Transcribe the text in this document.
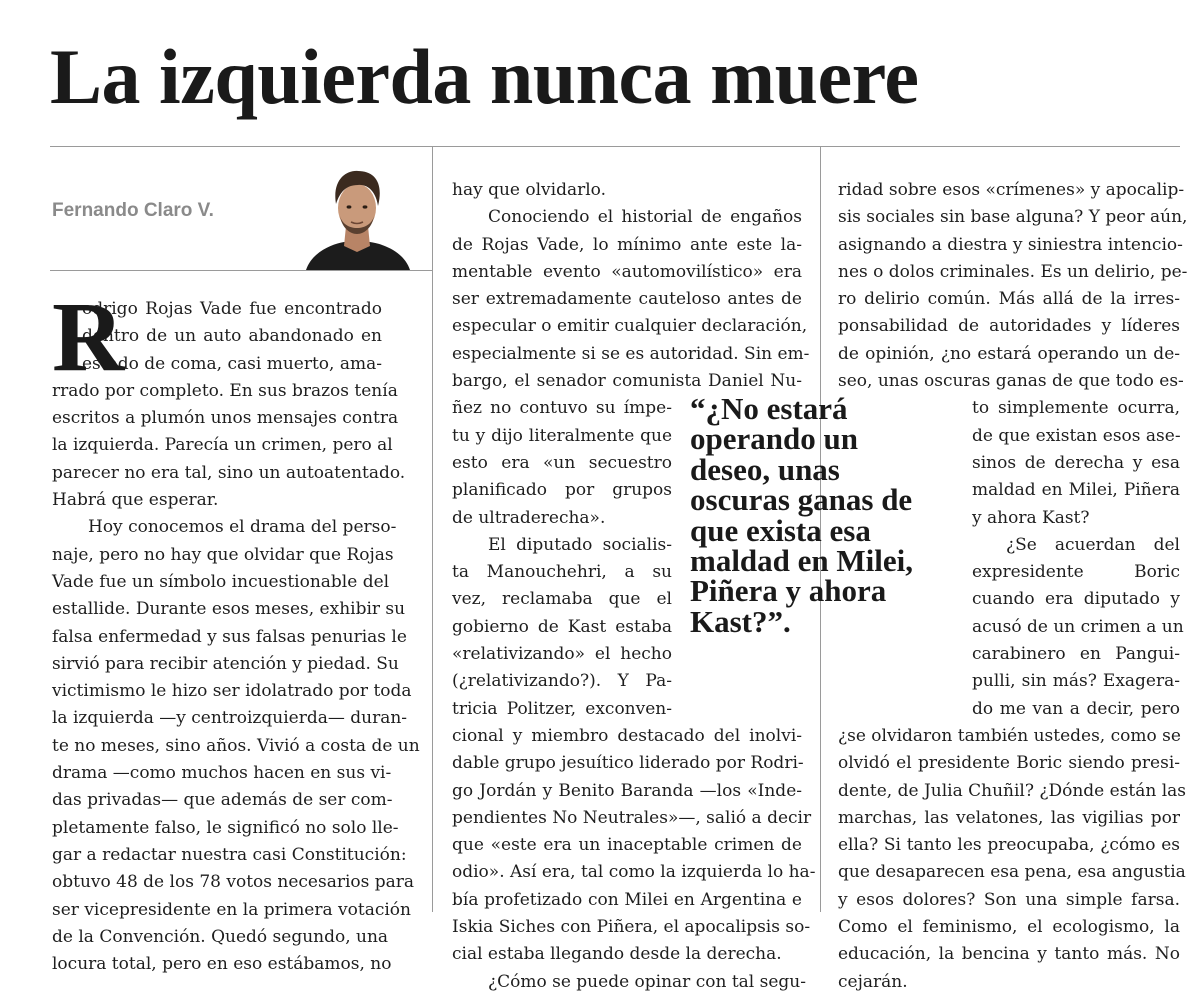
La izquierda nunca muere
Fernando Claro V.
R
odrigo Rojas Vade fue encontrado
dentro de un auto abandonado en
estado de coma, casi muerto, ama-
rrado por completo. En sus brazos tenía
escritos a plumón unos mensajes contra
la izquierda. Parecía un crimen, pero al
parecer no era tal, sino un autoatentado.
Habrá que esperar.
Hoy conocemos el drama del perso-
naje, pero no hay que olvidar que Rojas
Vade fue un símbolo incuestionable del
estallide. Durante esos meses, exhibir su
falsa enfermedad y sus falsas penurias le
sirvió para recibir atención y piedad. Su
victimismo le hizo ser idolatrado por toda
la izquierda —y centroizquierda— duran-
te no meses, sino años. Vivió a costa de un
drama —como muchos hacen en sus vi-
das privadas— que además de ser com-
pletamente falso, le significó no solo lle-
gar a redactar nuestra casi Constitución:
obtuvo 48 de los 78 votos necesarios para
ser vicepresidente en la primera votación
de la Convención. Quedó segundo, una
locura total, pero en eso estábamos, no
hay que olvidarlo.
Conociendo el historial de engaños
de Rojas Vade, lo mínimo ante este la-
mentable evento «automovilístico» era
ser extremadamente cauteloso antes de
especular o emitir cualquier declaración,
especialmente si se es autoridad. Sin em-
bargo, el senador comunista Daniel Nu-
ñez no contuvo su ímpe-
tu y dijo literalmente que
esto era «un secuestro
planificado por grupos
de ultraderecha».
El diputado socialis-
ta Manouchehri, a su
vez, reclamaba que el
gobierno de Kast estaba
«relativizando» el hecho
(¿relativizando?). Y Pa-
tricia Politzer, exconven-
cional y miembro destacado del inolvi-
dable grupo jesuítico liderado por Rodri-
go Jordán y Benito Baranda —los «Inde-
pendientes No Neutrales»—, salió a decir
que «este era un inaceptable crimen de
odio». Así era, tal como la izquierda lo ha-
bía profetizado con Milei en Argentina e
Iskia Siches con Piñera, el apocalipsis so-
cial estaba llegando desde la derecha.
¿Cómo se puede opinar con tal segu-
ridad sobre esos «crímenes» y apocalip-
sis sociales sin base alguna? Y peor aún,
asignando a diestra y siniestra intencio-
nes o dolos criminales. Es un delirio, pe-
ro delirio común. Más allá de la irres-
ponsabilidad de autoridades y líderes
de opinión, ¿no estará operando un de-
seo, unas oscuras ganas de que todo es-
to simplemente ocurra,
de que existan esos ase-
sinos de derecha y esa
maldad en Milei, Piñera
y ahora Kast?
¿Se acuerdan del
expresidente Boric
cuando era diputado y
acusó de un crimen a un
carabinero en Pangui-
pulli, sin más? Exagera-
do me van a decir, pero
¿se olvidaron también ustedes, como se
olvidó el presidente Boric siendo presi-
dente, de Julia Chuñil? ¿Dónde están las
marchas, las velatones, las vigilias por
ella? Si tanto les preocupaba, ¿cómo es
que desaparecen esa pena, esa angustia
y esos dolores? Son una simple farsa.
Como el feminismo, el ecologismo, la
educación, la bencina y tanto más. No
cejarán.
“¿No estará
operando un
deseo, unas
oscuras ganas de
que exista esa
maldad en Milei,
Piñera y ahora
Kast?”.
